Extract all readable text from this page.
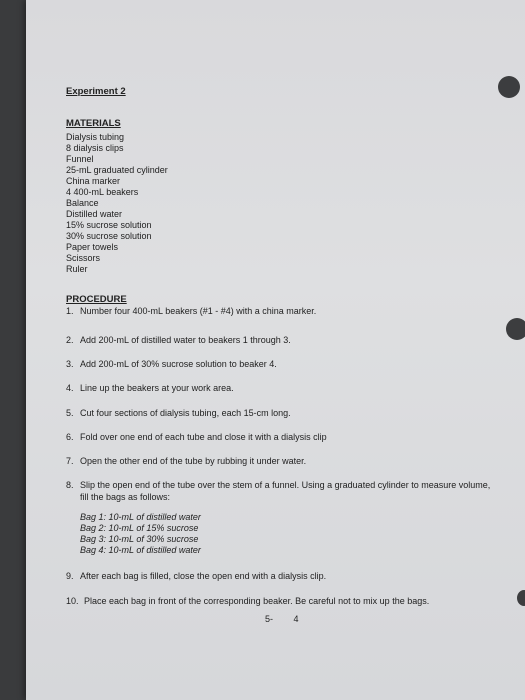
Experiment 2
MATERIALS
Dialysis tubing
8 dialysis clips
Funnel
25-mL graduated cylinder
China marker
4 400-mL beakers
Balance
Distilled water
15% sucrose solution
30% sucrose solution
Paper towels
Scissors
Ruler
PROCEDURE
1. Number four 400-mL beakers (#1 - #4) with a china marker.
2. Add 200-mL of distilled water to beakers 1 through 3.
3. Add 200-mL of 30% sucrose solution to beaker 4.
4. Line up the beakers at your work area.
5. Cut four sections of dialysis tubing, each 15-cm long.
6. Fold over one end of each tube and close it with a dialysis clip
7. Open the other end of the tube by rubbing it under water.
8. Slip the open end of the tube over the stem of a funnel. Using a graduated cylinder to measure volume, fill the bags as follows:
Bag 1: 10-mL of distilled water
Bag 2: 10-mL of 15% sucrose
Bag 3: 10-mL of 30% sucrose
Bag 4: 10-mL of distilled water
9. After each bag is filled, close the open end with a dialysis clip.
10. Place each bag in front of the corresponding beaker. Be careful not to mix up the bags.
5- 4
